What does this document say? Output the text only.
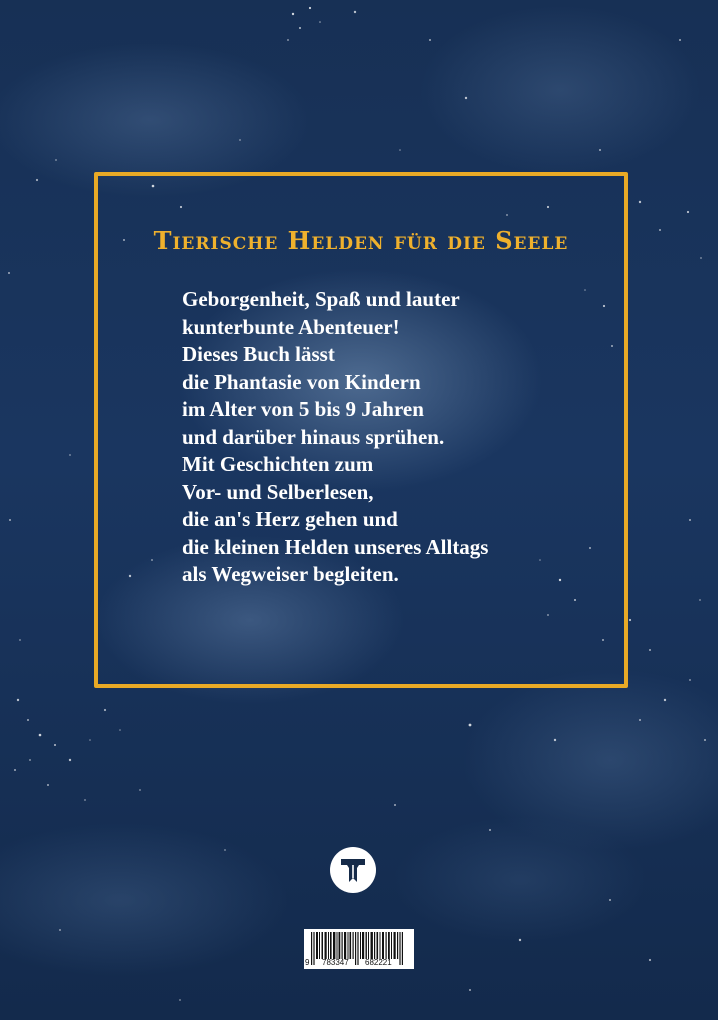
Tierische Helden für die Seele

Geborgenheit, Spaß und lauter
kunterbunte Abenteuer!
Dieses Buch lässt
die Phantasie von Kindern
im Alter von 5 bis 9 Jahren
und darüber hinaus sprühen.
Mit Geschichten zum
Vor- und Selberlesen,
die an's Herz gehen und
die kleinen Helden unseres Alltags
als Wegweiser begleiten.

9 783347 682221
